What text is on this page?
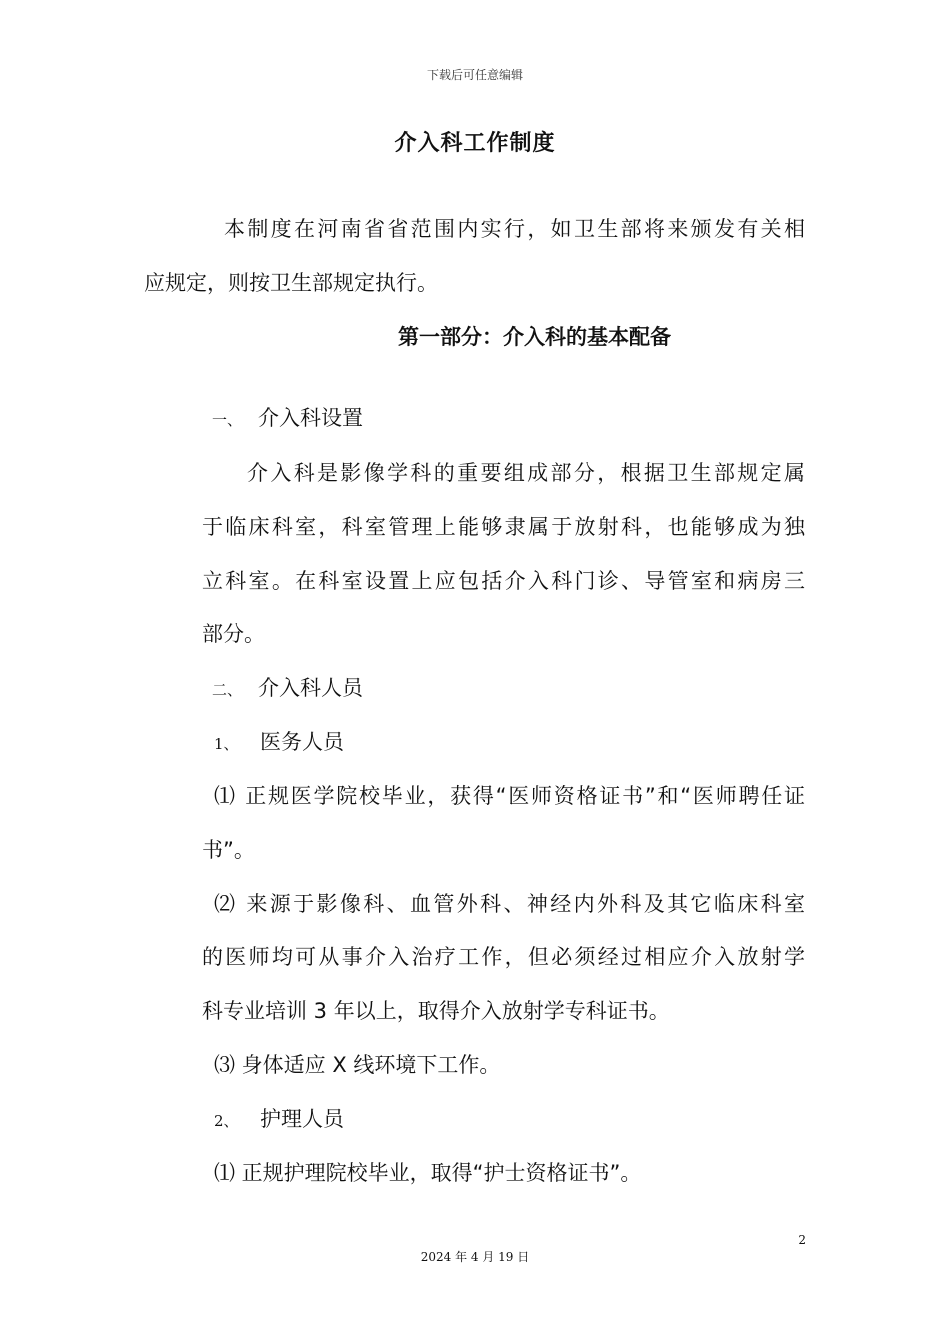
下载后可任意编辑
介入科工作制度
本制度在河南省省范围内实行，如卫生部将来颁发有关相
应规定，则按卫生部规定执行。
第一部分：介入科的基本配备
一、 介入科设置
介入科是影像学科的重要组成部分，根据卫生部规定属
于临床科室，科室管理上能够隶属于放射科，也能够成为独
立科室。在科室设置上应包括介入科门诊、导管室和病房三
部分。
二、 介入科人员
1、 医务人员
⑴ 正规医学院校毕业，获得“医师资格证书”和“医师聘任证
书”。
⑵ 来源于影像科、血管外科、神经内外科及其它临床科室
的医师均可从事介入治疗工作，但必须经过相应介入放射学
科专业培训 3 年以上，取得介入放射学专科证书。
⑶ 身体适应 X 线环境下工作。
2、 护理人员
⑴ 正规护理院校毕业，取得“护士资格证书”。
2
2024 年 4 月 19 日
